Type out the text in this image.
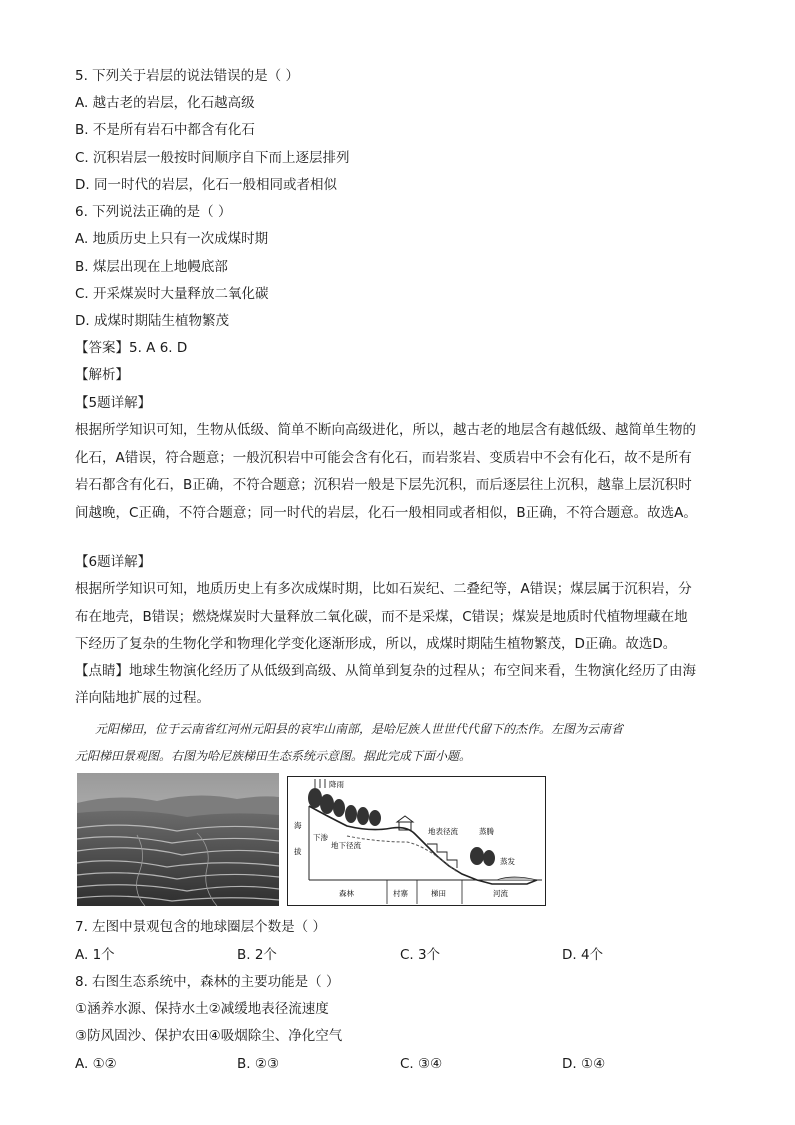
5. 下列关于岩层的说法错误的是（ ）
A. 越古老的岩层，化石越高级
B. 不是所有岩石中都含有化石
C. 沉积岩层一般按时间顺序自下而上逐层排列
D. 同一时代的岩层，化石一般相同或者相似
6. 下列说法正确的是（ ）
A. 地质历史上只有一次成煤时期
B. 煤层出现在上地幔底部
C. 开采煤炭时大量释放二氧化碳
D. 成煤时期陆生植物繁茂
【答案】5. A 6. D
【解析】
【5题详解】
根据所学知识可知，生物从低级、简单不断向高级进化，所以，越古老的地层含有越低级、越简单生物的
化石，A错误，符合题意；一般沉积岩中可能会含有化石，而岩浆岩、变质岩中不会有化石，故不是所有
岩石都含有化石，B正确，不符合题意；沉积岩一般是下层先沉积，而后逐层往上沉积，越靠上层沉积时
间越晚，C正确，不符合题意；同一时代的岩层，化石一般相同或者相似，B正确，不符合题意。故选A。
【6题详解】
根据所学知识可知，地质历史上有多次成煤时期，比如石炭纪、二叠纪等，A错误；煤层属于沉积岩，分
布在地壳，B错误；燃烧煤炭时大量释放二氧化碳，而不是采煤，C错误；煤炭是地质时代植物埋藏在地
下经历了复杂的生物化学和物理化学变化逐渐形成，所以，成煤时期陆生植物繁茂，D正确。故选D。
【点睛】地球生物演化经历了从低级到高级、从简单到复杂的过程从；布空间来看，生物演化经历了由海
洋向陆地扩展的过程。
元阳梯田，位于云南省红河州元阳县的哀牢山南部，是哈尼族人世世代代留下的杰作。左图为云南省
元阳梯田景观图。右图为哈尼族梯田生态系统示意图。据此完成下面小题。
降雨
下渗
地下径流
地表径流	蒸腾
蒸发
海
拔
森林	村寨	梯田	河流
7. 左图中景观包含的地球圈层个数是（ ）
A. 1个	B. 2个	C. 3个	D. 4个
8. 右图生态系统中，森林的主要功能是（ ）
①涵养水源、保持水土②减缓地表径流速度
③防风固沙、保护农田④吸烟除尘、净化空气
A. ①②	B. ②③	C. ③④	D. ①④
